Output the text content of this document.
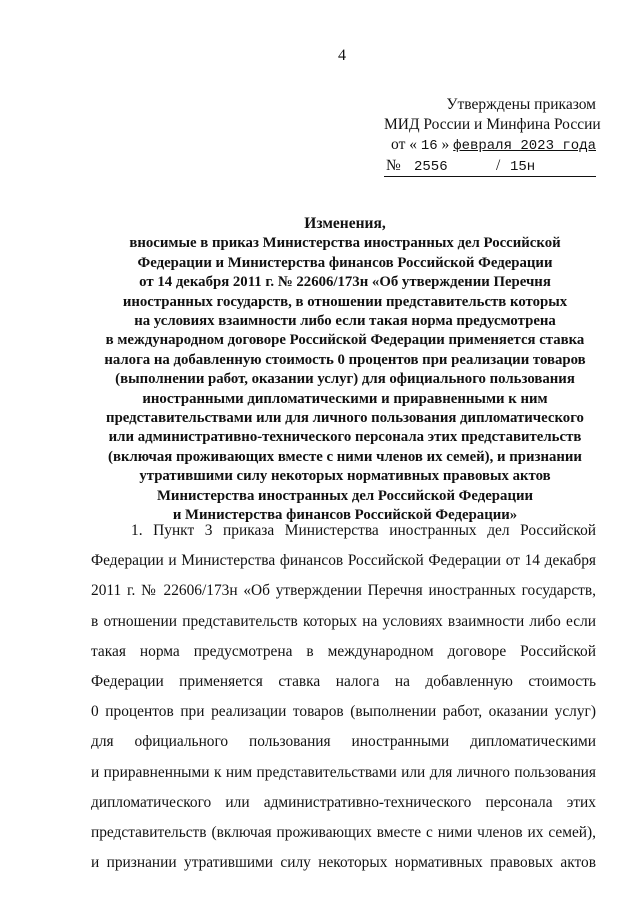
4
Утверждены приказом
МИД России и Минфина России
от « 16 » февраля 2023 года
№ 2556	/ 15н
Изменения,
вносимые в приказ Министерства иностранных дел Российской
Федерации и Министерства финансов Российской Федерации
от 14 декабря 2011 г. № 22606/173н «Об утверждении Перечня
иностранных государств, в отношении представительств которых
на условиях взаимности либо если такая норма предусмотрена
в международном договоре Российской Федерации применяется ставка
налога на добавленную стоимость 0 процентов при реализации товаров
(выполнении работ, оказании услуг) для официального пользования
иностранными дипломатическими и приравненными к ним
представительствами или для личного пользования дипломатического
или административно-технического персонала этих представительств
(включая проживающих вместе с ними членов их семей), и признании
утратившими силу некоторых нормативных правовых актов
Министерства иностранных дел Российской Федерации
и Министерства финансов Российской Федерации»
1. Пункт 3 приказа Министерства иностранных дел Российской
Федерации и Министерства финансов Российской Федерации от 14 декабря
2011 г. № 22606/173н «Об утверждении Перечня иностранных государств,
в отношении представительств которых на условиях взаимности либо если
такая норма предусмотрена в международном договоре Российской
Федерации применяется ставка налога на добавленную стоимость
0 процентов при реализации товаров (выполнении работ, оказании услуг)
для официального пользования иностранными дипломатическими
и приравненными к ним представительствами или для личного пользования
дипломатического или административно-технического персонала этих
представительств (включая проживающих вместе с ними членов их семей),
и признании утратившими силу некоторых нормативных правовых актов
